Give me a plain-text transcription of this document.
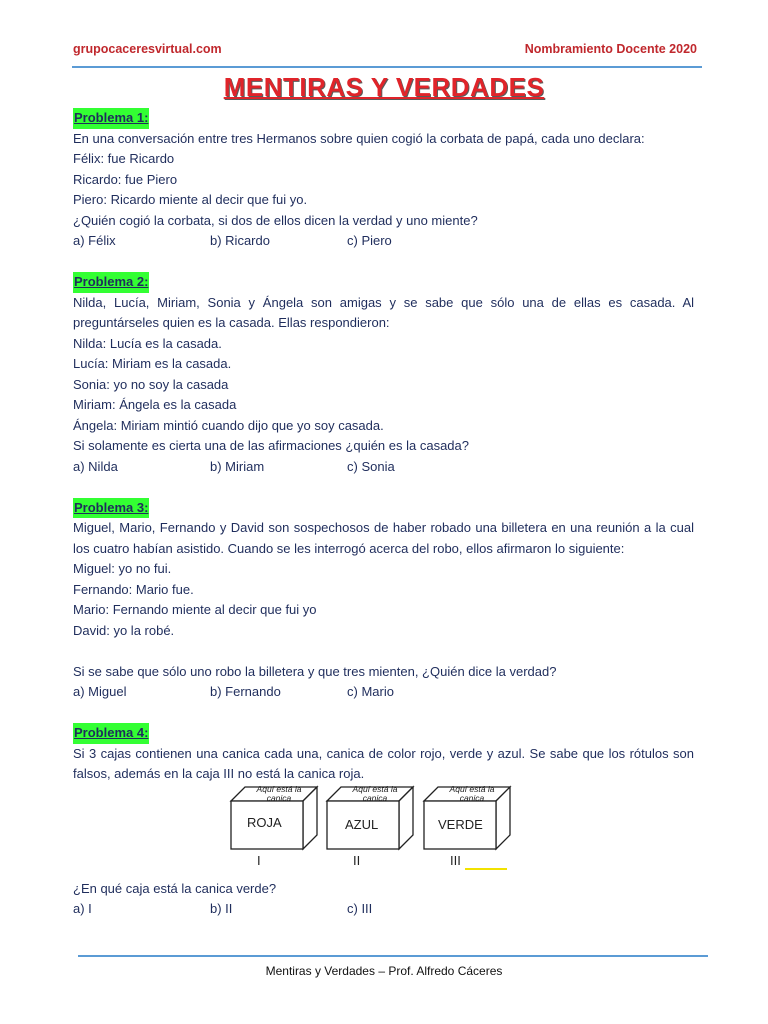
grupocaceresvirtual.com	Nombramiento Docente 2020
MENTIRAS Y VERDADES

Problema 1:

En una conversación entre tres Hermanos sobre quien cogió la corbata de papá, cada uno declara:

Félix: fue Ricardo

Ricardo: fue Piero

Piero: Ricardo miente al decir que fui yo.

¿Quién cogió la corbata, si dos de ellos dicen la verdad y uno miente?

a) Félix	b) Ricardo	c) Piero

Problema 2:

Nilda, Lucía, Miriam, Sonia y Ángela son amigas y se sabe que sólo una de ellas es casada. Al preguntárseles quien es la casada. Ellas respondieron:

Nilda: Lucía es la casada.

Lucía: Miriam es la casada.

Sonia: yo no soy la casada

Miriam: Ángela es la casada

Ángela: Miriam mintió cuando dijo que yo soy casada.

Si solamente es cierta una de las afirmaciones ¿quién es la casada?

a) Nilda	b) Miriam	c) Sonia

Problema 3:

Miguel, Mario, Fernando y David son sospechosos de haber robado una billetera en una reunión a la cual los cuatro habían asistido. Cuando se les interrogó acerca del robo, ellos afirmaron lo siguiente:

Miguel: yo no fui.

Fernando: Mario fue.

Mario: Fernando miente al decir que fui yo

David: yo la robé.

Si se sabe que sólo uno robo la billetera y que tres mienten, ¿Quién dice la verdad?

a) Miguel	b) Fernando	c) Mario

Problema 4:

Si 3 cajas contienen una canica cada una, canica de color rojo, verde y azul. Se sabe que los rótulos son falsos, además en la caja III no está la canica roja.

Aquí está la canica
ROJA
Aquí está la canica
AZUL
Aquí está la canica
VERDE
I	II	III

¿En qué caja está la canica verde?

a) I	b) II	c) III
Mentiras y Verdades – Prof. Alfredo Cáceres
